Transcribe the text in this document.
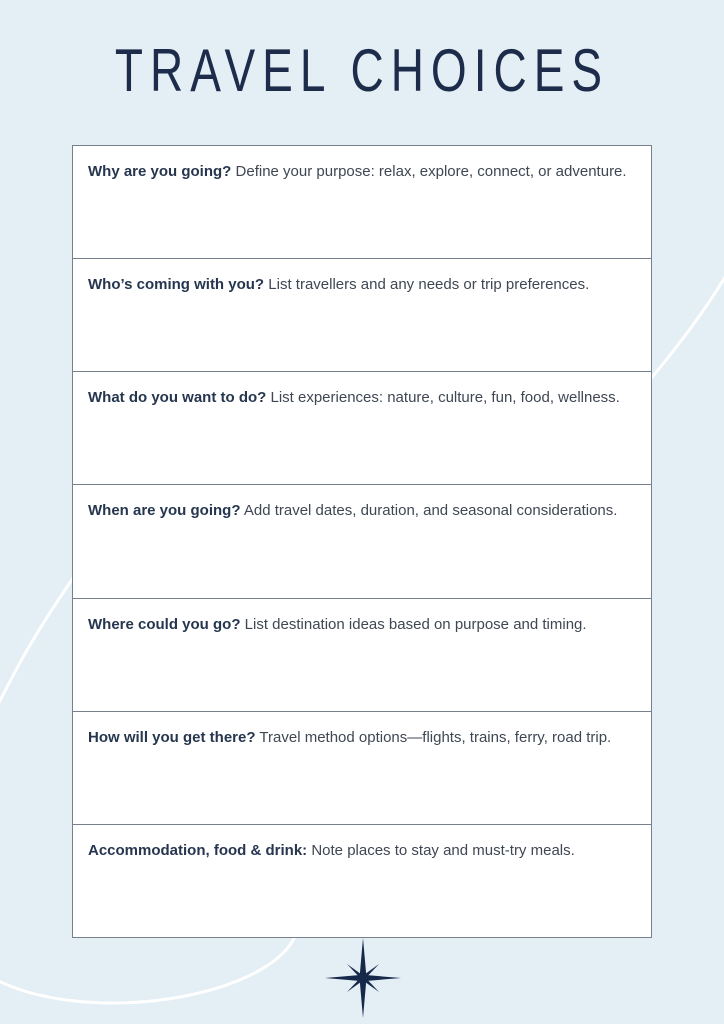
TRAVEL CHOICES
Why are you going? Define your purpose: relax, explore, connect, or adventure.
Who’s coming with you? List travellers and any needs or trip preferences.
What do you want to do? List experiences: nature, culture, fun, food, wellness.
When are you going? Add travel dates, duration, and seasonal considerations.
Where could you go? List destination ideas based on purpose and timing.
How will you get there? Travel method options—flights, trains, ferry, road trip.
Accommodation, food & drink: Note places to stay and must-try meals.
